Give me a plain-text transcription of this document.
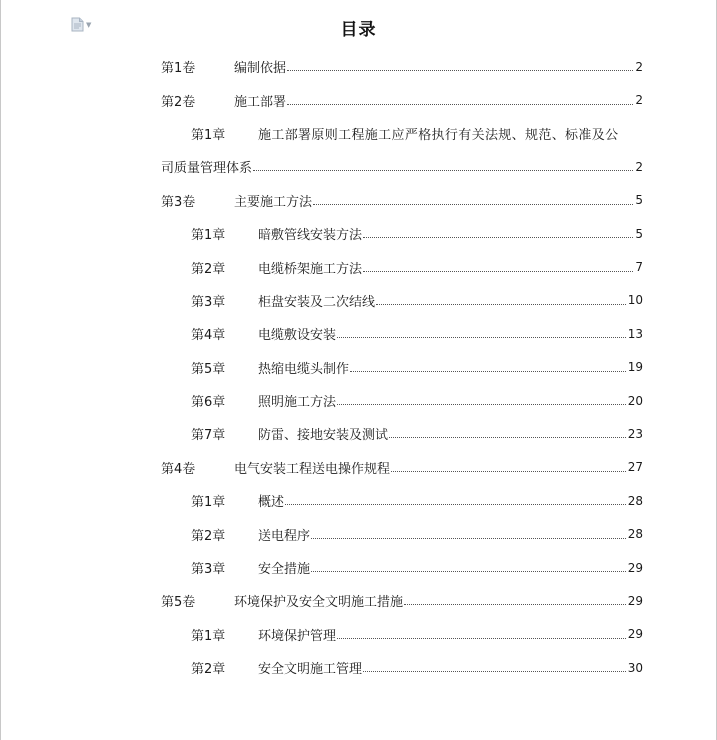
▼	目录
第1卷	编制依据	2
第2卷	施工部署	2
第1章	施工部署原则工程施工应严格执行有关法规、规范、标准及公
司质量管理体系	2
第3卷	主要施工方法	5
第1章	暗敷管线安装方法	5
第2章	电缆桥架施工方法	7
第3章	柜盘安装及二次结线	10
第4章	电缆敷设安装	13
第5章	热缩电缆头制作	19
第6章	照明施工方法	20
第7章	防雷、接地安装及测试	23
第4卷	电气安装工程送电操作规程	27
第1章	概述	28
第2章	送电程序	28
第3章	安全措施	29
第5卷	环境保护及安全文明施工措施	29
第1章	环境保护管理	29
第2章	安全文明施工管理	30
